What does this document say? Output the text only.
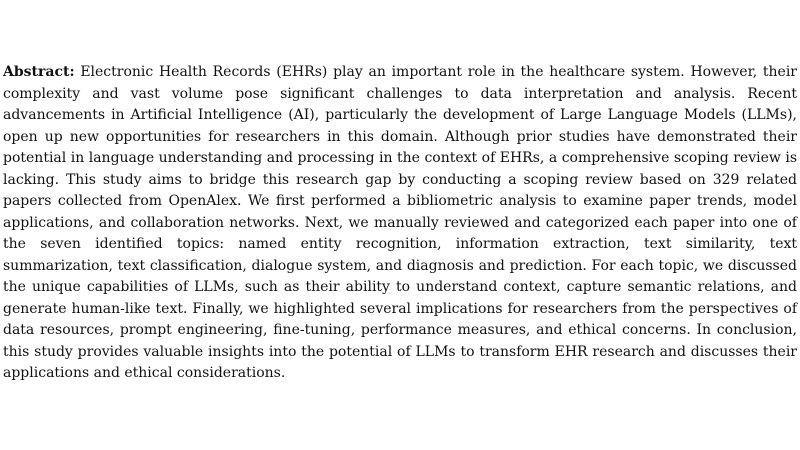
Abstract: Electronic Health Records (EHRs) play an important role in the healthcare system. However, their complexity and vast volume pose significant challenges to data interpretation and analysis. Recent advancements in Artificial Intelligence (AI), particularly the development of Large Language Models (LLMs), open up new opportunities for researchers in this domain. Although prior studies have demonstrated their potential in language understanding and processing in the context of EHRs, a comprehensive scoping review is lacking. This study aims to bridge this research gap by conducting a scoping review based on 329 related papers collected from OpenAlex. We first performed a bibliometric analysis to examine paper trends, model applications, and collaboration networks. Next, we manually reviewed and categorized each paper into one of the seven identified topics: named entity recognition, information extraction, text similarity, text summarization, text classification, dialogue system, and diagnosis and prediction. For each topic, we discussed the unique capabilities of LLMs, such as their ability to understand context, capture semantic relations, and generate human-like text. Finally, we highlighted several implications for researchers from the perspectives of data resources, prompt engineering, fine-tuning, performance measures, and ethical concerns. In conclusion, this study provides valuable insights into the potential of LLMs to transform EHR research and discusses their applications and ethical considerations.
